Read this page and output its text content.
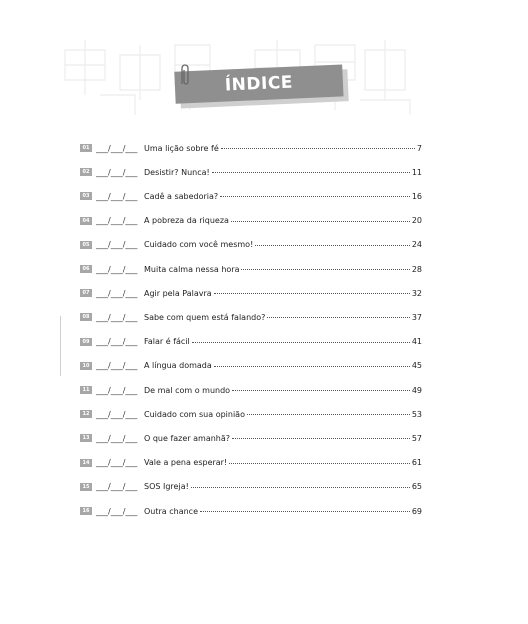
ÍNDICE
01 ___/___/___ Uma lição sobre fé	7
02 ___/___/___ Desistir? Nunca!	11
03 ___/___/___ Cadê a sabedoria?	16
04 ___/___/___ A pobreza da riqueza	20
05 ___/___/___ Cuidado com você mesmo!	24
06 ___/___/___ Muita calma nessa hora	28
07 ___/___/___ Agir pela Palavra	32
08 ___/___/___ Sabe com quem está falando?	37
09 ___/___/___ Falar é fácil	41
10 ___/___/___ A língua domada	45
11 ___/___/___ De mal com o mundo	49
12 ___/___/___ Cuidado com sua opinião	53
13 ___/___/___ O que fazer amanhã?	57
14 ___/___/___ Vale a pena esperar!	61
15 ___/___/___ SOS Igreja!	65
16 ___/___/___ Outra chance	69
